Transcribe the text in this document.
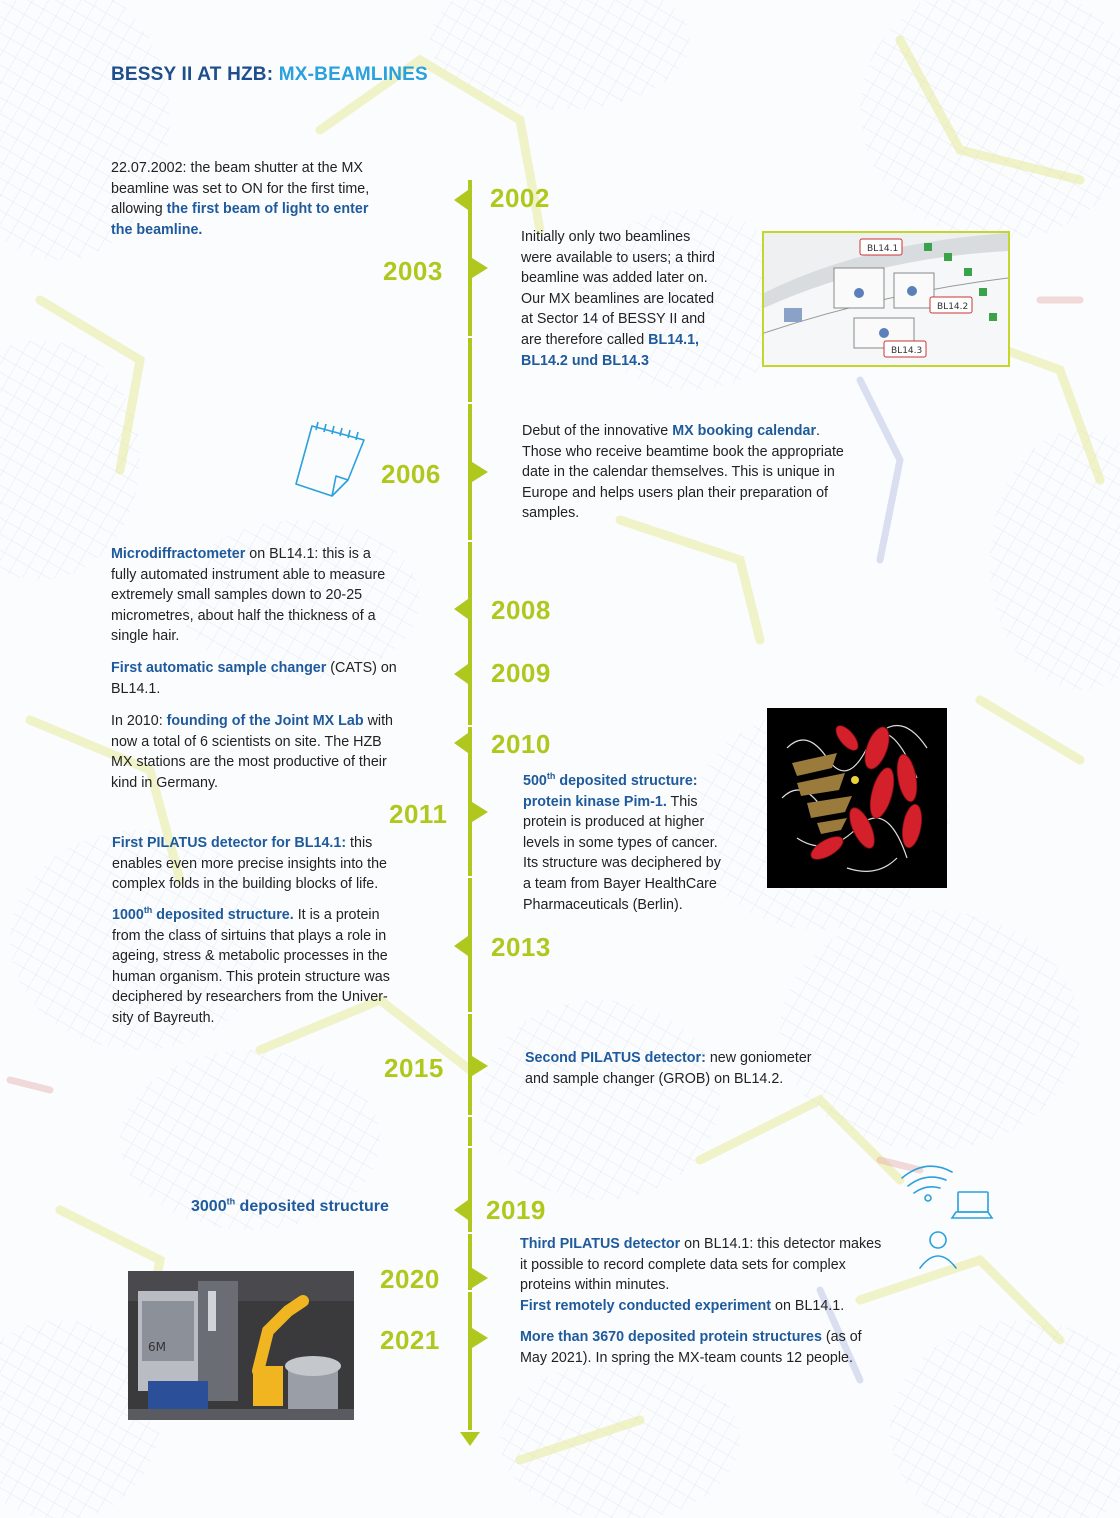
BESSY II AT HZB: MX-BEAMLINES
2002
2003
2006
2008
2009
2010
2011
2013
2015
2019
2020
2021
22.07.2002: the beam shutter at the MX
beamline was set to ON for the first time,
allowing the first beam of light to enter
the beamline.	Initially only two beamlines
were available to users; a third
beamline was added later on.
Our MX beamlines are located
at Sector 14 of BESSY II and
are therefore called BL14.1,
BL14.2 und BL14.3
BL14.1
BL14.2
BL14.3
Debut of the innovative MX booking calendar.
Those who receive beamtime book the appropriate
date in the calendar themselves. This is unique in
Europe and helps users plan their preparation of
samples.
Microdiffractometer on BL14.1: this is a
fully automated instrument able to measure
extremely small samples down to 20-25
micrometres, about half the thickness of a
single hair.
First automatic sample changer (CATS) on
BL14.1.
In 2010: founding of the Joint MX Lab with
now a total of 6 scientists on site. The HZB
MX stations are the most productive of their
kind in Germany.	500th deposited structure:
protein kinase Pim-1. This
protein is produced at higher
levels in some types of cancer.
Its structure was deciphered by
a team from Bayer HealthCare
Pharmaceuticals (Berlin).
First PILATUS detector for BL14.1: this
enables even more precise insights into the
complex folds in the building blocks of life.
1000th deposited structure. It is a protein
from the class of sirtuins that plays a role in
ageing, stress & metabolic processes in the
human organism. This protein structure was
deciphered by researchers from the Univer-
sity of Bayreuth.
Second PILATUS detector: new goniometer
and sample changer (GROB) on BL14.2.
3000th deposited structure
6M
Third PILATUS detector on BL14.1: this detector makes
it possible to record complete data sets for complex
proteins within minutes.
First remotely conducted experiment on BL14.1.
More than 3670 deposited protein structures (as of
May 2021). In spring the MX-team counts 12 people.
